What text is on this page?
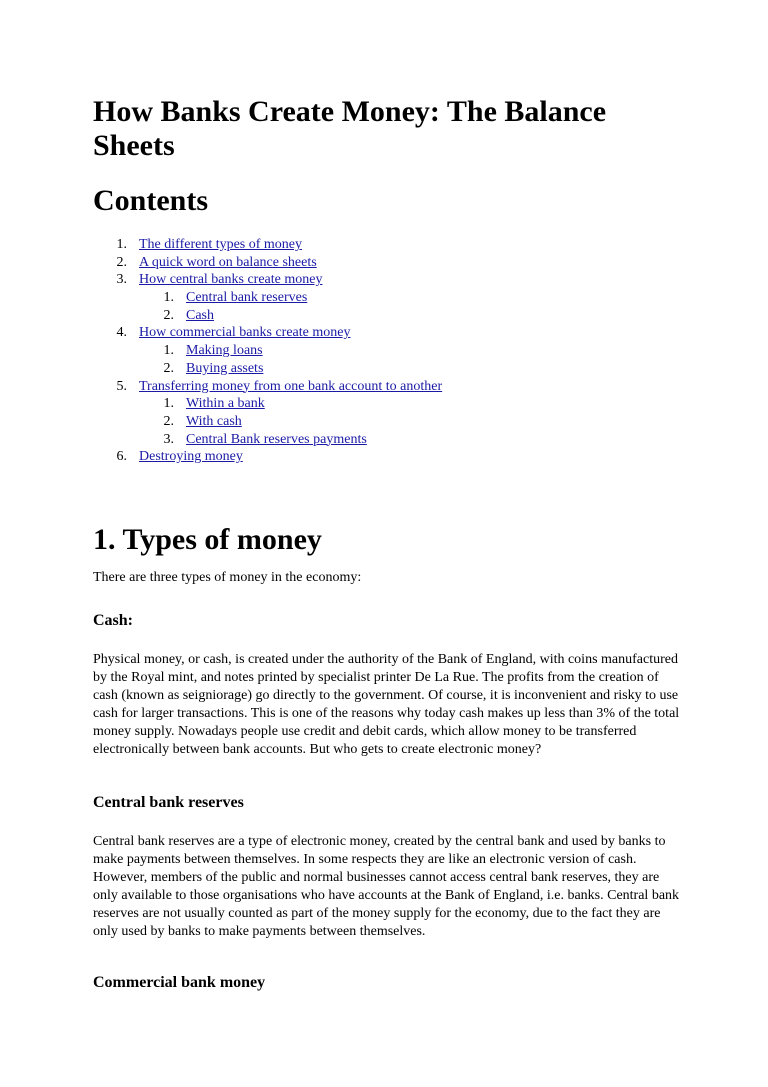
How Banks Create Money: The Balance Sheets
Contents
1. The different types of money
2. A quick word on balance sheets
3. How central banks create money
1. Central bank reserves
2. Cash
4. How commercial banks create money
1. Making loans
2. Buying assets
5. Transferring money from one bank account to another
1. Within a bank
2. With cash
3. Central Bank reserves payments
6. Destroying money
1. Types of money

There are three types of money in the economy:

Cash:

Physical money, or cash, is created under the authority of the Bank of England, with coins manufactured by the Royal mint, and notes printed by specialist printer De La Rue. The profits from the creation of cash (known as seigniorage) go directly to the government. Of course, it is inconvenient and risky to use cash for larger transactions. This is one of the reasons why today cash makes up less than 3% of the total money supply. Nowadays people use credit and debit cards, which allow money to be transferred electronically between bank accounts. But who gets to create electronic money?

Central bank reserves

Central bank reserves are a type of electronic money, created by the central bank and used by banks to make payments between themselves. In some respects they are like an electronic version of cash. However, members of the public and normal businesses cannot access central bank reserves, they are only available to those organisations who have accounts at the Bank of England, i.e. banks. Central bank reserves are not usually counted as part of the money supply for the economy, due to the fact they are only used by banks to make payments between themselves.

Commercial bank money
